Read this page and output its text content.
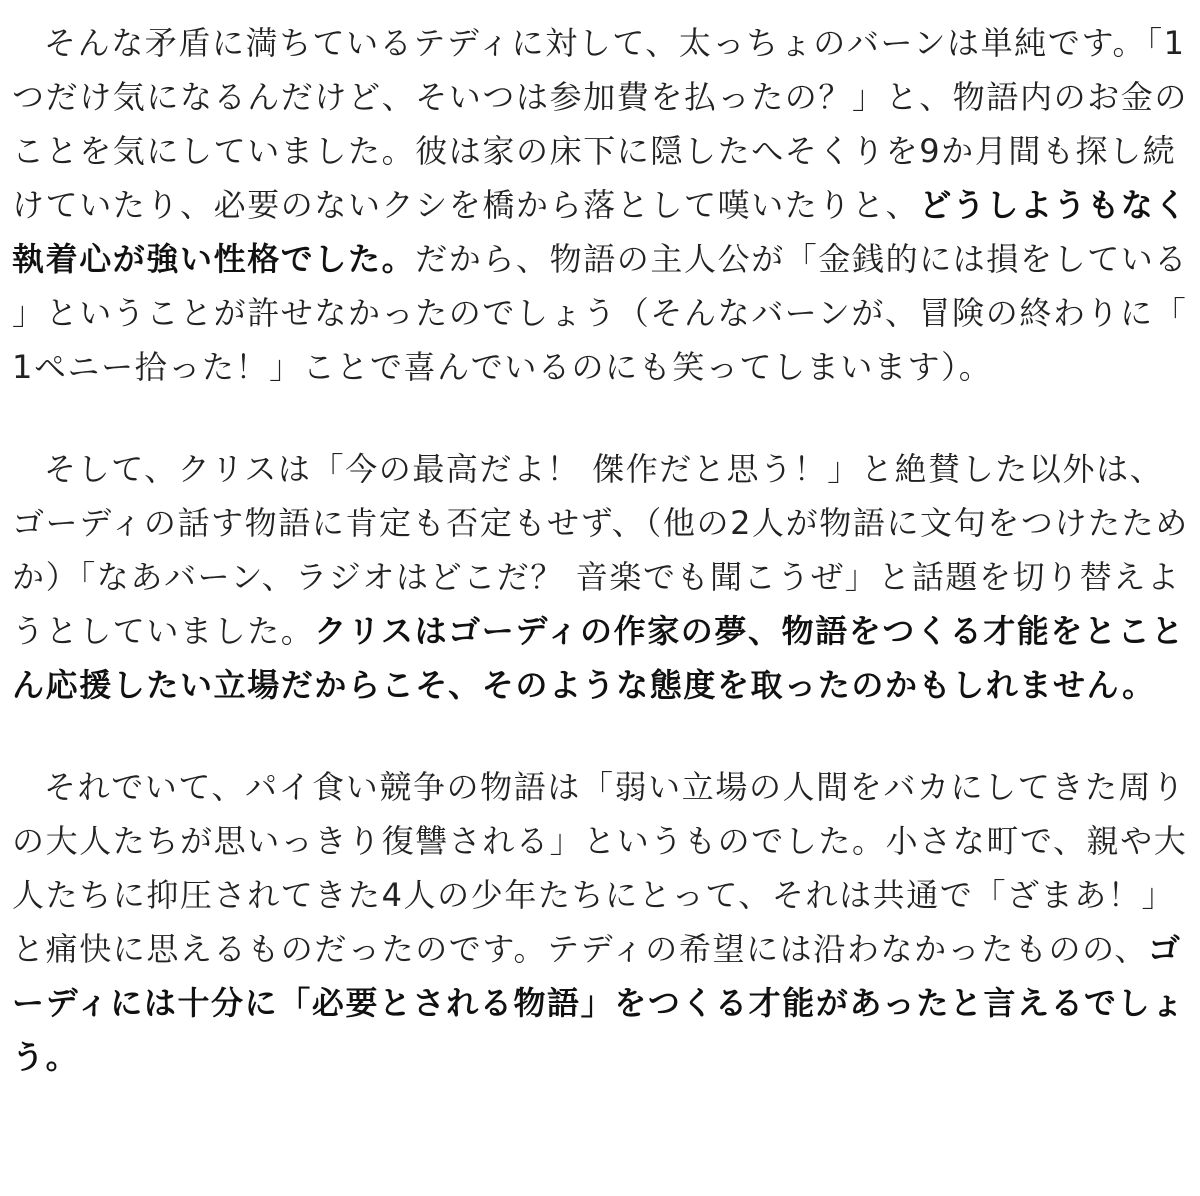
そんな矛盾に満ちているテディに対して、太っちょのバーンは単純です。「1つだけ気になるんだけど、そいつは参加費を払ったの？」と、物語内のお金のことを気にしていました。彼は家の床下に隠したへそくりを9か月間も探し続けていたり、必要のないクシを橋から落として嘆いたりと、どうしようもなく執着心が強い性格でした。だから、物語の主人公が「金銭的には損をしている」ということが許せなかったのでしょう（そんなバーンが、冒険の終わりに「1ペニー拾った！」ことで喜んでいるのにも笑ってしまいます）。

そして、クリスは「今の最高だよ！ 傑作だと思う！」と絶賛した以外は、ゴーディの話す物語に肯定も否定もせず、（他の2人が物語に文句をつけたためか）「なあバーン、ラジオはどこだ？ 音楽でも聞こうぜ」と話題を切り替えようとしていました。クリスはゴーディの作家の夢、物語をつくる才能をとことん応援したい立場だからこそ、そのような態度を取ったのかもしれません。

それでいて、パイ食い競争の物語は「弱い立場の人間をバカにしてきた周りの大人たちが思いっきり復讐される」というものでした。小さな町で、親や大人たちに抑圧されてきた4人の少年たちにとって、それは共通で「ざまあ！」と痛快に思えるものだったのです。テディの希望には沿わなかったものの、ゴーディには十分に「必要とされる物語」をつくる才能があったと言えるでしょう。
